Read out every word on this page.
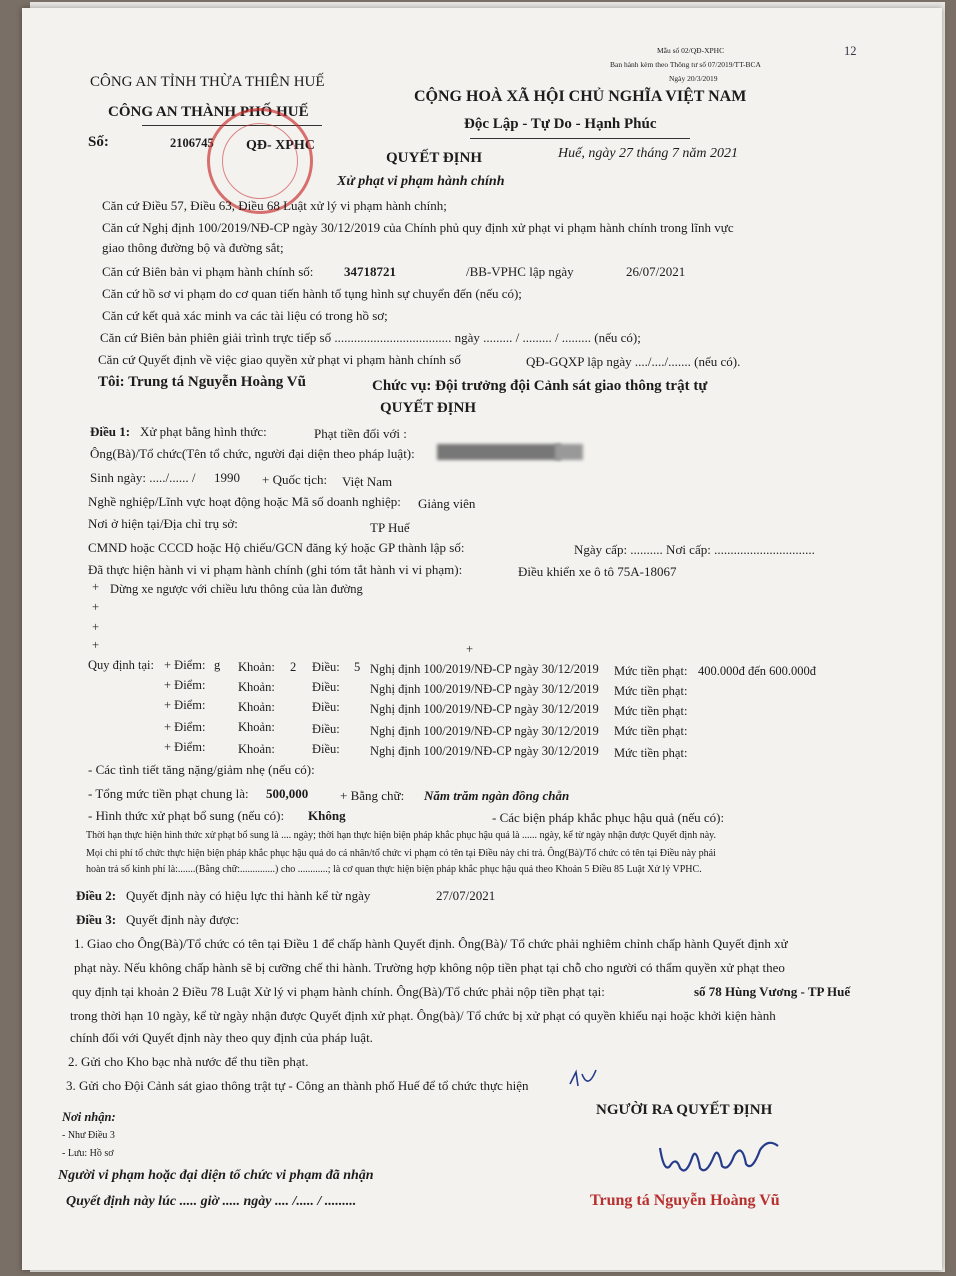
Mẫu số 02/QĐ-XPHC
Ban hành kèm theo Thông tư số 07/2019/TT-BCA
Ngày 20/3/2019
12
CÔNG AN TỈNH THỪA THIÊN HUẾ
CÔNG AN THÀNH PHỐ HUẾ
Số:	2106745 QĐ- XPHC
CỘNG HOÀ XÃ HỘI CHỦ NGHĨA VIỆT NAM
Độc Lập - Tự Do - Hạnh Phúc
Huế, ngày 27 tháng 7 năm 2021
QUYẾT ĐỊNH
Xử phạt vi phạm hành chính
Căn cứ Điều 57, Điều 63, Điều 68 Luật xử lý vi phạm hành chính;
Căn cứ Nghị định 100/2019/NĐ-CP ngày 30/12/2019 của Chính phủ quy định xử phạt vi phạm hành chính trong lĩnh vực
giao thông đường bộ và đường sắt;
Căn cứ Biên bản vi phạm hành chính số: 34718721	/BB-VPHC lập ngày	26/07/2021
Căn cứ hồ sơ vi phạm do cơ quan tiến hành tố tụng hình sự chuyển đến (nếu có);
Căn cứ kết quả xác minh va các tài liệu có trong hồ sơ;
Căn cứ Biên bản phiên giải trình trực tiếp số .................................... ngày ......... / ......... / ......... (nếu có);
Căn cứ Quyết định về việc giao quyền xử phạt vi phạm hành chính số	QĐ-GQXP lập ngày ..../..../....... (nếu có).
Tôi: Trung tá Nguyễn Hoàng Vũ	Chức vụ: Đội trưởng đội Cảnh sát giao thông trật tự
QUYẾT ĐỊNH
Điều 1: Xử phạt bằng hình thức:	Phạt tiền đối với :
Ông(Bà)/Tổ chức(Tên tổ chức, người đại diện theo pháp luật):
Sinh ngày: ...../...... / 1990 + Quốc tịch: Việt Nam
Nghề nghiệp/Lĩnh vực hoạt động hoặc Mã số doanh nghiệp: Giảng viên
Nơi ở hiện tại/Địa chỉ trụ sở:	TP Huế
CMND hoặc CCCD hoặc Hộ chiếu/GCN đăng ký hoặc GP thành lập số:	Ngày cấp: .......... Nơi cấp: ...............................
Đã thực hiện hành vi vi phạm hành chính (ghi tóm tắt hành vi vi phạm):	Điều khiển xe ô tô 75A-18067
+ Dừng xe ngược với chiều lưu thông của làn đường
+
+
+	+
Quy định tại: + Điểm: g Khoản: 2 Điều: 5 Nghị định 100/2019/NĐ-CP ngày 30/12/2019 Mức tiền phạt: 400.000đ đến 600.000đ
+ Điểm:	Khoản:	Điều: Nghị định 100/2019/NĐ-CP ngày 30/12/2019 Mức tiền phạt:
+ Điểm:	Khoản:	Điều: Nghị định 100/2019/NĐ-CP ngày 30/12/2019 Mức tiền phạt:
+ Điểm:	Khoản:	Điều: Nghị định 100/2019/NĐ-CP ngày 30/12/2019 Mức tiền phạt:
+ Điểm:	Khoản:	Điều: Nghị định 100/2019/NĐ-CP ngày 30/12/2019 Mức tiền phạt:
- Các tình tiết tăng nặng/giảm nhẹ (nếu có):
- Tổng mức tiền phạt chung là: 500,000 + Bằng chữ: Năm trăm ngàn đồng chẵn
- Hình thức xử phạt bổ sung (nếu có): Không	- Các biện pháp khắc phục hậu quả (nếu có):
Thời hạn thực hiện hình thức xử phạt bổ sung là .... ngày; thời hạn thực hiện biện pháp khắc phục hậu quả là ...... ngày, kể từ ngày nhận được Quyết định này.
Mọi chi phí tổ chức thực hiện biện pháp khắc phục hậu quả do cá nhân/tổ chức vi phạm có tên tại Điều này chi trả. Ông(Bà)/Tổ chức có tên tại Điều này phải
hoàn trả số kinh phí là:.......(Bằng chữ:..............) cho ............; là cơ quan thực hiện biện pháp khắc phục hậu quả theo Khoản 5 Điều 85 Luật Xử lý VPHC.
Điều 2: Quyết định này có hiệu lực thi hành kể từ ngày	27/07/2021
Điều 3: Quyết định này được:
1. Giao cho Ông(Bà)/Tổ chức có tên tại Điều 1 để chấp hành Quyết định. Ông(Bà)/ Tổ chức phải nghiêm chỉnh chấp hành Quyết định xử
phạt này. Nếu không chấp hành sẽ bị cưỡng chế thi hành. Trường hợp không nộp tiền phạt tại chỗ cho người có thẩm quyền xử phạt theo
quy định tại khoản 2 Điều 78 Luật Xử lý vi phạm hành chính. Ông(Bà)/Tổ chức phải nộp tiền phạt tại:	số 78 Hùng Vương - TP Huế
trong thời hạn 10 ngày, kể từ ngày nhận được Quyết định xử phạt. Ông(bà)/ Tổ chức bị xử phạt có quyền khiếu nại hoặc khởi kiện hành
chính đối với Quyết định này theo quy định của pháp luật.
2. Gửi cho Kho bạc nhà nước để thu tiền phạt.
3. Gửi cho Đội Cảnh sát giao thông trật tự - Công an thành phố Huế để tổ chức thực hiện
Nơi nhận:
- Như Điều 3
- Lưu: Hồ sơ
NGƯỜI RA QUYẾT ĐỊNH
Người vi phạm hoặc đại diện tổ chức vi phạm đã nhận
Quyết định này lúc ..... giờ ..... ngày .... /..... / .........	Trung tá Nguyễn Hoàng Vũ
